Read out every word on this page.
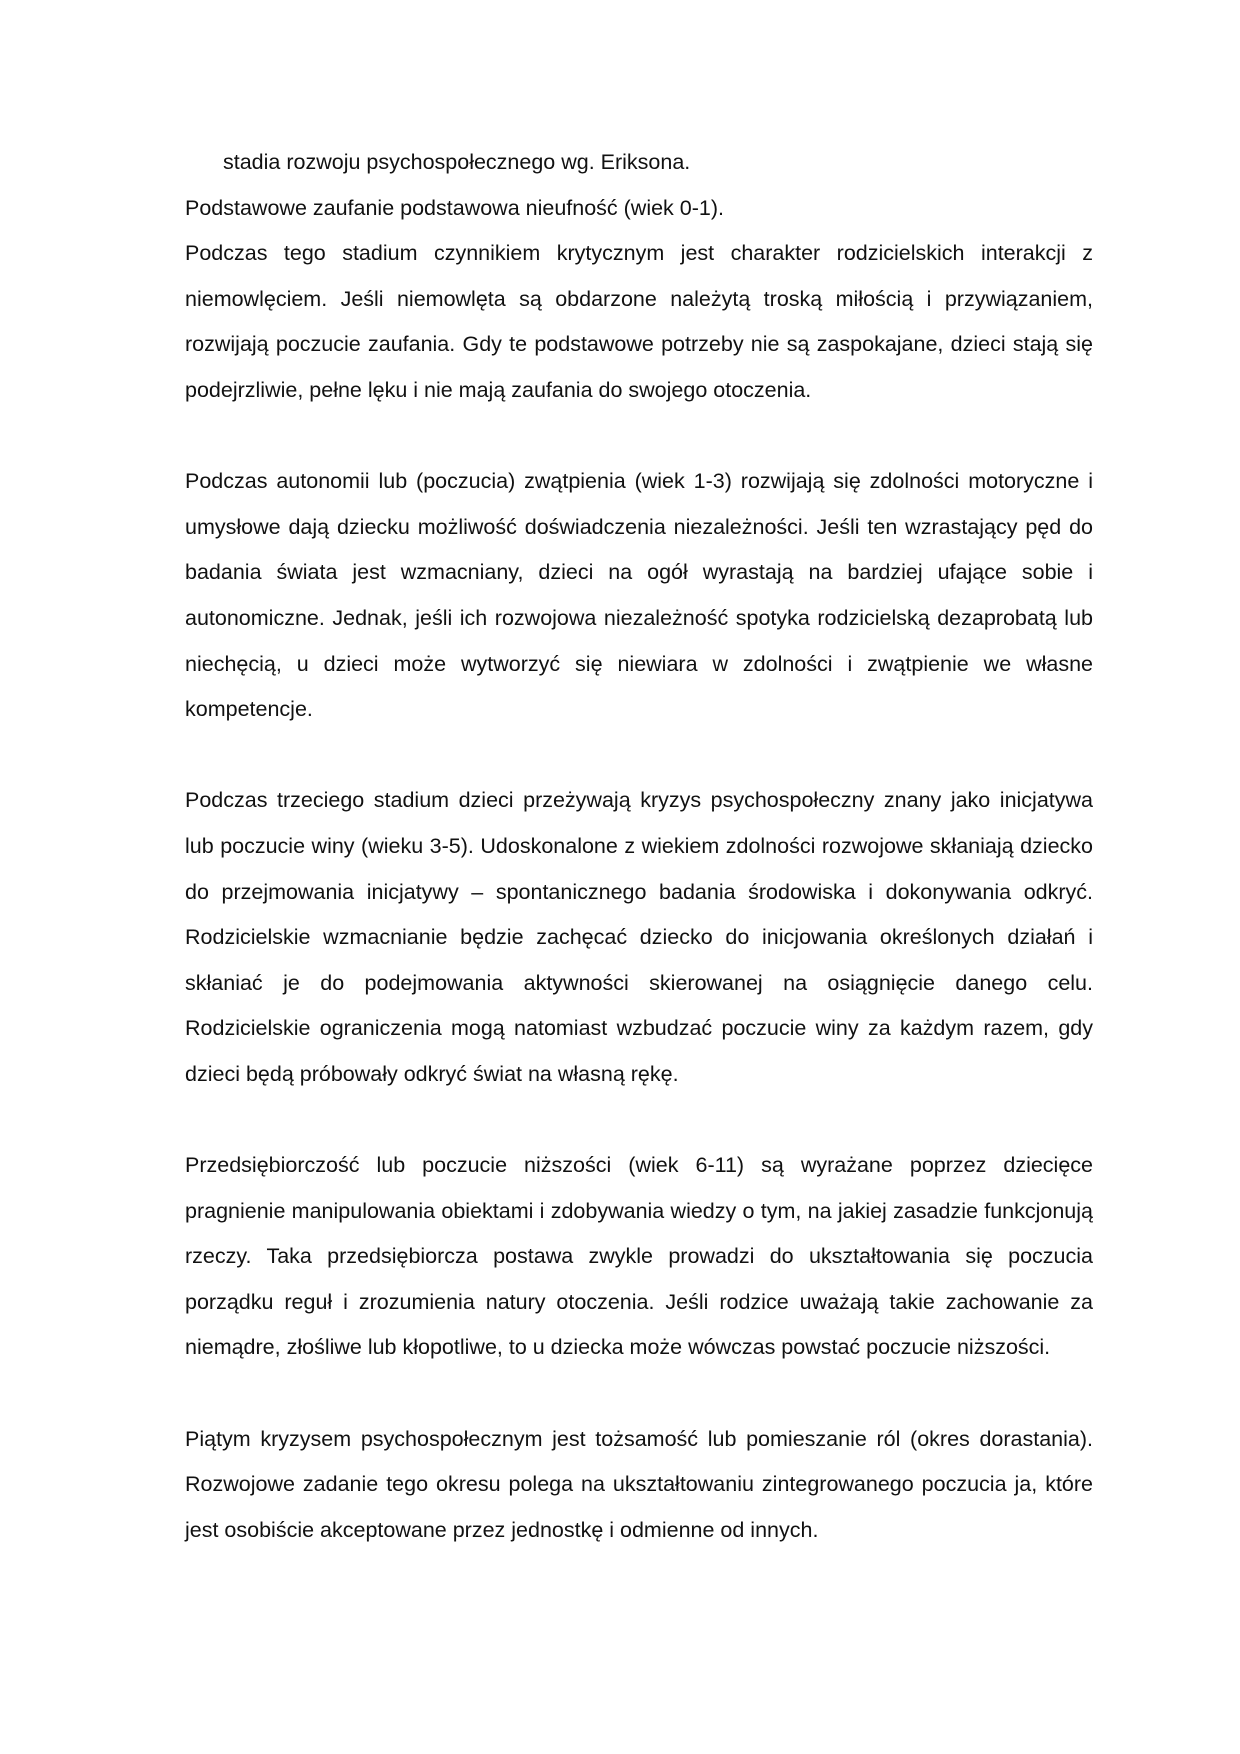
stadia rozwoju psychospołecznego wg. Eriksona.

Podstawowe zaufanie podstawowa nieufność (wiek 0-1).

Podczas tego stadium czynnikiem krytycznym jest charakter rodzicielskich interakcji z niemowlęciem. Jeśli niemowlęta są obdarzone należytą troską miłością i przywiązaniem, rozwijają poczucie zaufania. Gdy te podstawowe potrzeby nie są zaspokajane, dzieci stają się podejrzliwie, pełne lęku i nie mają zaufania do swojego otoczenia.

Podczas autonomii lub (poczucia) zwątpienia (wiek 1-3) rozwijają się zdolności motoryczne i umysłowe dają dziecku możliwość doświadczenia niezależności. Jeśli ten wzrastający pęd do badania świata jest wzmacniany, dzieci na ogół wyrastają na bardziej ufające sobie i autonomiczne. Jednak, jeśli ich rozwojowa niezależność spotyka rodzicielską dezaprobatą lub niechęcią, u dzieci może wytworzyć się niewiara w zdolności i zwątpienie we własne kompetencje.

Podczas trzeciego stadium dzieci przeżywają kryzys psychospołeczny znany jako inicjatywa lub poczucie winy (wieku 3-5). Udoskonalone z wiekiem zdolności rozwojowe skłaniają dziecko do przejmowania inicjatywy – spontanicznego badania środowiska i dokonywania odkryć. Rodzicielskie wzmacnianie będzie zachęcać dziecko do inicjowania określonych działań i skłaniać je do podejmowania aktywności skierowanej na osiągnięcie danego celu. Rodzicielskie ograniczenia mogą natomiast wzbudzać poczucie winy za każdym razem, gdy dzieci będą próbowały odkryć świat na własną rękę.

Przedsiębiorczość lub poczucie niższości (wiek 6-11) są wyrażane poprzez dziecięce pragnienie manipulowania obiektami i zdobywania wiedzy o tym, na jakiej zasadzie funkcjonują rzeczy. Taka przedsiębiorcza postawa zwykle prowadzi do ukształtowania się poczucia porządku reguł i zrozumienia natury otoczenia. Jeśli rodzice uważają takie zachowanie za niemądre, złośliwe lub kłopotliwe, to u dziecka może wówczas powstać poczucie niższości.

Piątym kryzysem psychospołecznym jest tożsamość lub pomieszanie ról (okres dorastania). Rozwojowe zadanie tego okresu polega na ukształtowaniu zintegrowanego poczucia ja, które jest osobiście akceptowane przez jednostkę i odmienne od innych.
